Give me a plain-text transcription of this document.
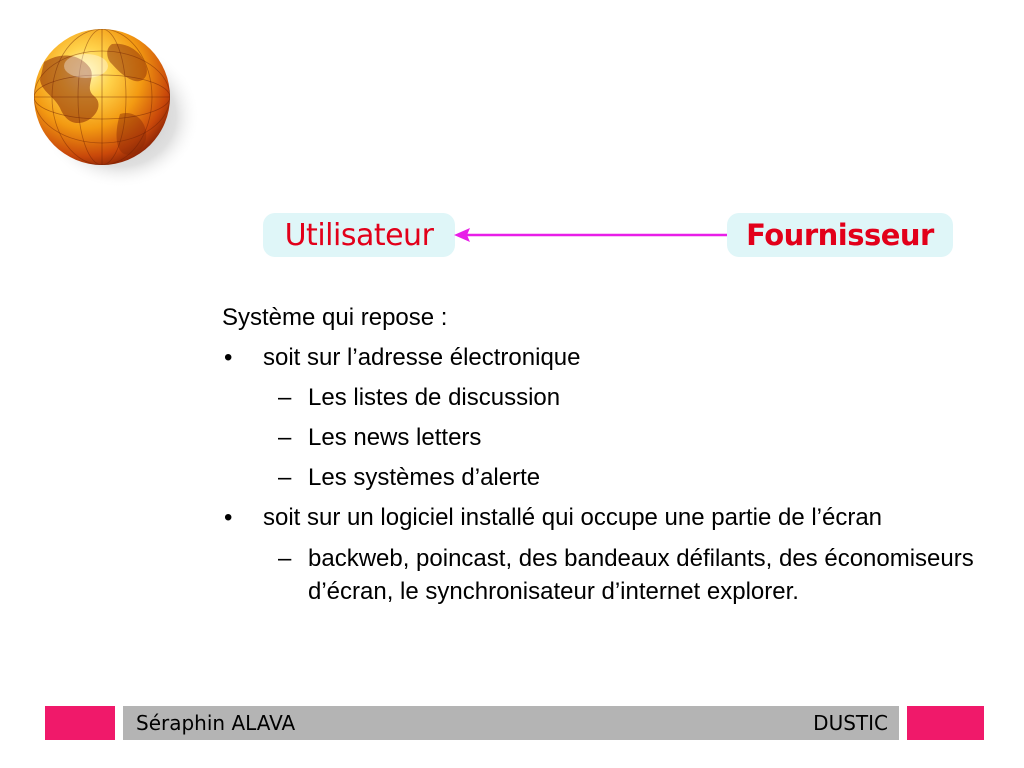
Utilisateur	Fournisseur
Système qui repose :
• soit sur l’adresse électronique
– Les listes de discussion
– Les news letters
– Les systèmes d’alerte
• soit sur un logiciel installé qui occupe une partie de l’écran
– backweb, poincast, des bandeaux défilants, des économiseurs d’écran, le synchronisateur d’internet explorer.
Séraphin ALAVA	DUSTIC
